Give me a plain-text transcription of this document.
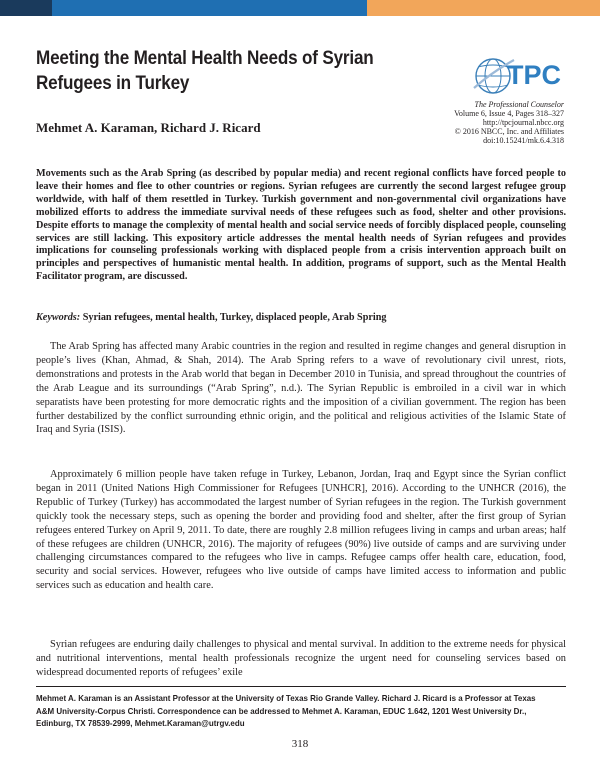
Meeting the Mental Health Needs of Syrian Refugees in Turkey
Mehmet A. Karaman, Richard J. Ricard
TPC
The Professional Counselor
Volume 6, Issue 4, Pages 318–327
http://tpcjournal.nbcc.org
© 2016 NBCC, Inc. and Affiliates
doi:10.15241/mk.6.4.318

Movements such as the Arab Spring (as described by popular media) and recent regional conflicts have forced people to leave their homes and flee to other countries or regions. Syrian refugees are currently the second largest refugee group worldwide, with half of them resettled in Turkey. Turkish government and non-governmental civil organizations have mobilized efforts to address the immediate survival needs of these refugees such as food, shelter and other provisions. Despite efforts to manage the complexity of mental health and social service needs of forcibly displaced people, counseling services are still lacking. This expository article addresses the mental health needs of Syrian refugees and provides implications for counseling professionals working with displaced people from a crisis intervention approach built on principles and perspectives of humanistic mental health. In addition, programs of support, such as the Mental Health Facilitator program, are discussed.

Keywords: Syrian refugees, mental health, Turkey, displaced people, Arab Spring

The Arab Spring has affected many Arabic countries in the region and resulted in regime changes and general disruption in people’s lives (Khan, Ahmad, & Shah, 2014). The Arab Spring refers to a wave of revolutionary civil unrest, riots, demonstrations and protests in the Arab world that began in December 2010 in Tunisia, and spread throughout the countries of the Arab League and its surroundings (“Arab Spring”, n.d.). The Syrian Republic is embroiled in a civil war in which separatists have been protesting for more democratic rights and the imposition of a civilian government. The region has been further destabilized by the conflict surrounding ethnic origin, and the political and religious activities of the Islamic State of Iraq and Syria (ISIS).

Approximately 6 million people have taken refuge in Turkey, Lebanon, Jordan, Iraq and Egypt since the Syrian conflict began in 2011 (United Nations High Commissioner for Refugees [UNHCR], 2016). According to the UNHCR (2016), the Republic of Turkey (Turkey) has accommodated the largest number of Syrian refugees in the region. The Turkish government quickly took the necessary steps, such as opening the border and providing food and shelter, after the first group of Syrian refugees entered Turkey on April 9, 2011. To date, there are roughly 2.8 million refugees living in camps and urban areas; half of these refugees are children (UNHCR, 2016). The majority of refugees (90%) live outside of camps and are surviving under challenging circumstances compared to the refugees who live in camps. Refugee camps offer health care, education, food, security and social services. However, refugees who live outside of camps have limited access to information and public services such as education and health care.

Syrian refugees are enduring daily challenges to physical and mental survival. In addition to the extreme needs for physical and nutritional interventions, mental health professionals recognize the urgent need for counseling services based on widespread documented reports of refugees’ exile

Mehmet A. Karaman is an Assistant Professor at the University of Texas Rio Grande Valley. Richard J. Ricard is a Professor at Texas A&M University-Corpus Christi. Correspondence can be addressed to Mehmet A. Karaman, EDUC 1.642, 1201 West University Dr., Edinburg, TX 78539-2999, Mehmet.Karaman@utrgv.edu

318
